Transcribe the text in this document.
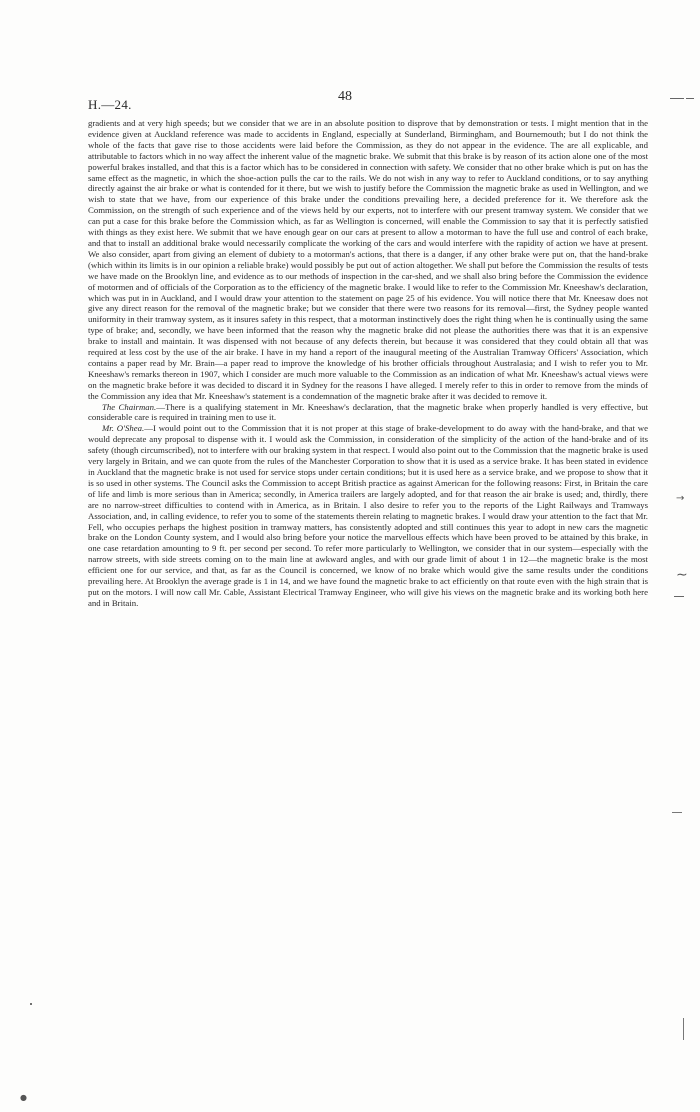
H.—24.
48

gradients and at very high speeds; but we consider that we are in an absolute position to disprove that by demonstration or tests. I might mention that in the evidence given at Auckland reference was made to accidents in England, especially at Sunderland, Birmingham, and Bournemouth; but I do not think the whole of the facts that gave rise to those accidents were laid before the Commission, as they do not appear in the evidence. The are all explicable, and attributable to factors which in no way affect the inherent value of the magnetic brake. We submit that this brake is by reason of its action alone one of the most powerful brakes installed, and that this is a factor which has to be considered in connection with safety. We consider that no other brake which is put on has the same effect as the magnetic, in which the shoe-action pulls the car to the rails. We do not wish in any way to refer to Auckland conditions, or to say anything directly against the air brake or what is contended for it there, but we wish to justify before the Commission the magnetic brake as used in Wellington, and we wish to state that we have, from our experience of this brake under the conditions prevailing here, a decided preference for it. We therefore ask the Commission, on the strength of such experience and of the views held by our experts, not to interfere with our present tramway system. We consider that we can put a case for this brake before the Commission which, as far as Wellington is concerned, will enable the Commission to say that it is perfectly satisfied with things as they exist here. We submit that we have enough gear on our cars at present to allow a motorman to have the full use and control of each brake, and that to install an additional brake would necessarily complicate the working of the cars and would interfere with the rapidity of action we have at present. We also consider, apart from giving an element of dubiety to a motorman's actions, that there is a danger, if any other brake were put on, that the hand-brake (which within its limits is in our opinion a reliable brake) would possibly be put out of action altogether. We shall put before the Commission the results of tests we have made on the Brooklyn line, and evidence as to our methods of inspection in the car-shed, and we shall also bring before the Commission the evidence of motormen and of officials of the Corporation as to the efficiency of the magnetic brake. I would like to refer to the Commission Mr. Kneeshaw's declaration, which was put in in Auckland, and I would draw your attention to the statement on page 25 of his evidence. You will notice there that Mr. Kneesaw does not give any direct reason for the removal of the magnetic brake; but we consider that there were two reasons for its removal—first, the Sydney people wanted uniformity in their tramway system, as it insures safety in this respect, that a motorman instinctively does the right thing when he is continually using the same type of brake; and, secondly, we have been informed that the reason why the magnetic brake did not please the authorities there was that it is an expensive brake to install and maintain. It was dispensed with not because of any defects therein, but because it was considered that they could obtain all that was required at less cost by the use of the air brake. I have in my hand a report of the inaugural meeting of the Australian Tramway Officers' Association, which contains a paper read by Mr. Brain—a paper read to improve the knowledge of his brother officials throughout Australasia; and I wish to refer you to Mr. Kneeshaw's remarks thereon in 1907, which I consider are much more valuable to the Commission as an indication of what Mr. Kneeshaw's actual views were on the magnetic brake before it was decided to discard it in Sydney for the reasons I have alleged. I merely refer to this in order to remove from the minds of the Commission any idea that Mr. Kneeshaw's statement is a condemnation of the magnetic brake after it was decided to remove it.

The Chairman.—There is a qualifying statement in Mr. Kneeshaw's declaration, that the magnetic brake when properly handled is very effective, but considerable care is required in training men to use it.

Mr. O'Shea.—I would point out to the Commission that it is not proper at this stage of brake-development to do away with the hand-brake, and that we would deprecate any proposal to dispense with it. I would ask the Commission, in consideration of the simplicity of the action of the hand-brake and of its safety (though circumscribed), not to interfere with our braking system in that respect. I would also point out to the Commission that the magnetic brake is used very largely in Britain, and we can quote from the rules of the Manchester Corporation to show that it is used as a service brake. It has been stated in evidence in Auckland that the magnetic brake is not used for service stops under certain conditions; but it is used here as a service brake, and we propose to show that it is so used in other systems. The Council asks the Commission to accept British practice as against American for the following reasons: First, in Britain the care of life and limb is more serious than in America; secondly, in America trailers are largely adopted, and for that reason the air brake is used; and, thirdly, there are no narrow-street difficulties to contend with in America, as in Britain. I also desire to refer you to the reports of the Light Railways and Tramways Association, and, in calling evidence, to refer you to some of the statements therein relating to magnetic brakes. I would draw your attention to the fact that Mr. Fell, who occupies perhaps the highest position in tramway matters, has consistently adopted and still continues this year to adopt in new cars the magnetic brake on the London County system, and I would also bring before your notice the marvellous effects which have been proved to be attained by this brake, in one case retardation amounting to 9 ft. per second per second. To refer more particularly to Wellington, we consider that in our system—especially with the narrow streets, with side streets coming on to the main line at awkward angles, and with our grade limit of about 1 in 12—the magnetic brake is the most efficient one for our service, and that, as far as the Council is concerned, we know of no brake which would give the same results under the conditions prevailing here. At Brooklyn the average grade is 1 in 14, and we have found the magnetic brake to act efficiently on that route even with the high strain that is put on the motors. I will now call Mr. Cable, Assistant Electrical Tramway Engineer, who will give his views on the magnetic brake and its working both here and in Britain.

→
∼
●
